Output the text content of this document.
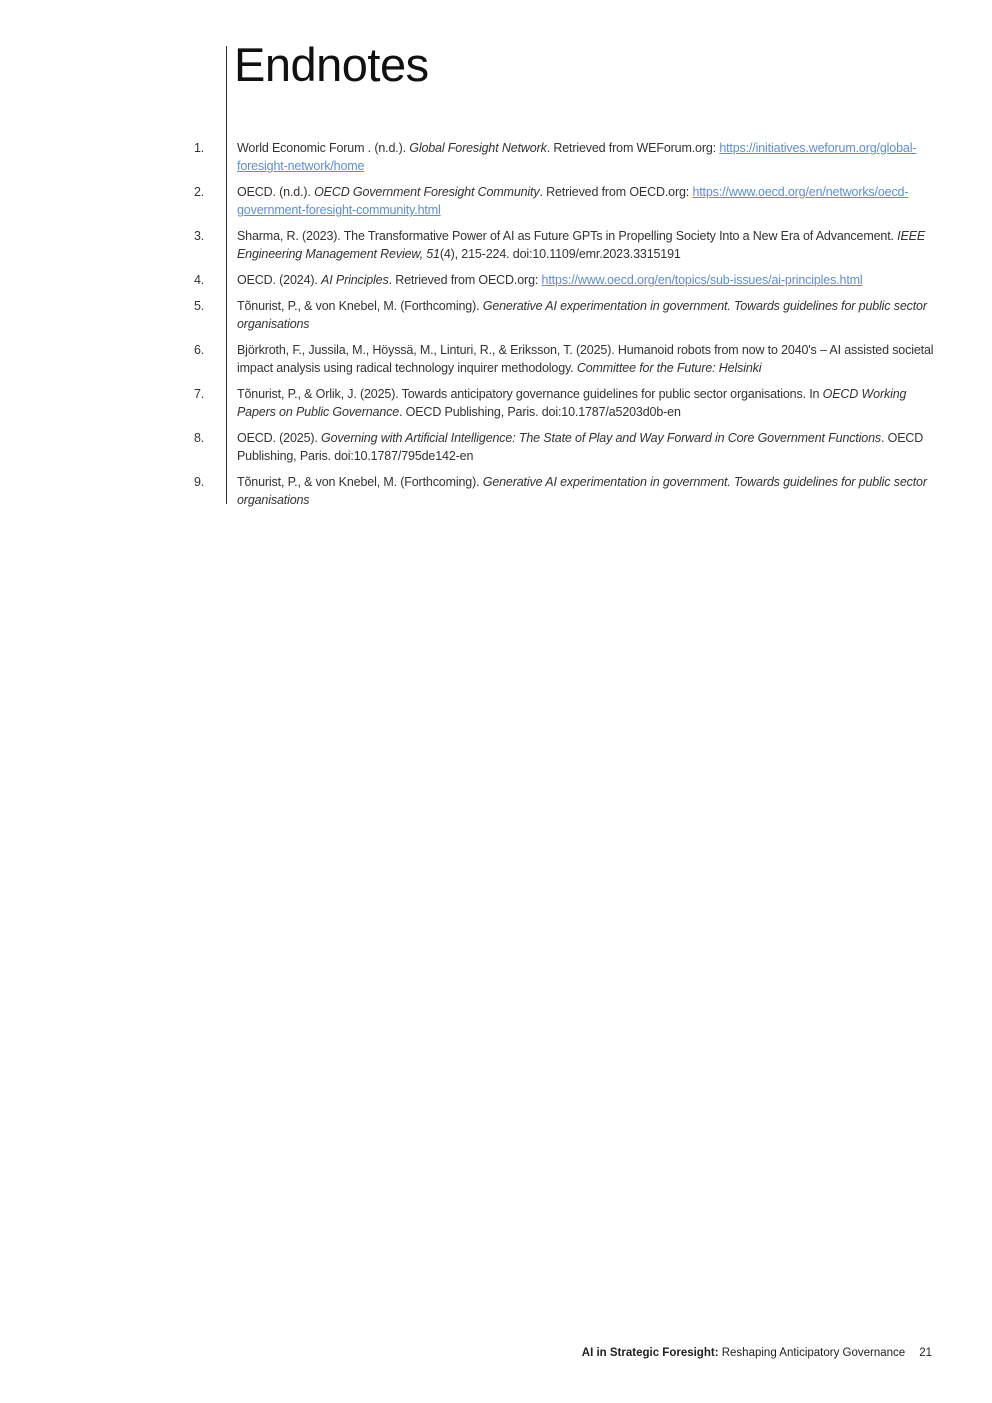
Endnotes
1.	World Economic Forum . (n.d.). Global Foresight Network. Retrieved from WEForum.org: https://initiatives.weforum.org/global-foresight-network/home
2.	OECD. (n.d.). OECD Government Foresight Community. Retrieved from OECD.org: https://www.oecd.org/en/networks/oecd-government-foresight-community.html
3.	Sharma, R. (2023). The Transformative Power of AI as Future GPTs in Propelling Society Into a New Era of Advancement. IEEE Engineering Management Review, 51(4), 215-224. doi:10.1109/emr.2023.3315191
4.	OECD. (2024). AI Principles. Retrieved from OECD.org: https://www.oecd.org/en/topics/sub-issues/ai-principles.html
5.	Tõnurist, P., & von Knebel, M. (Forthcoming). Generative AI experimentation in government. Towards guidelines for public sector organisations
6.	Björkroth, F., Jussila, M., Höyssä, M., Linturi, R., & Eriksson, T. (2025). Humanoid robots from now to 2040's – AI assisted societal impact analysis using radical technology inquirer methodology. Committee for the Future: Helsinki
7.	Tõnurist, P., & Orlik, J. (2025). Towards anticipatory governance guidelines for public sector organisations. In OECD Working Papers on Public Governance. OECD Publishing, Paris. doi:10.1787/a5203d0b-en
8.	OECD. (2025). Governing with Artificial Intelligence: The State of Play and Way Forward in Core Government Functions. OECD Publishing, Paris. doi:10.1787/795de142-en
9.	Tõnurist, P., & von Knebel, M. (Forthcoming). Generative AI experimentation in government. Towards guidelines for public sector organisations
AI in Strategic Foresight: Reshaping Anticipatory Governance 21
